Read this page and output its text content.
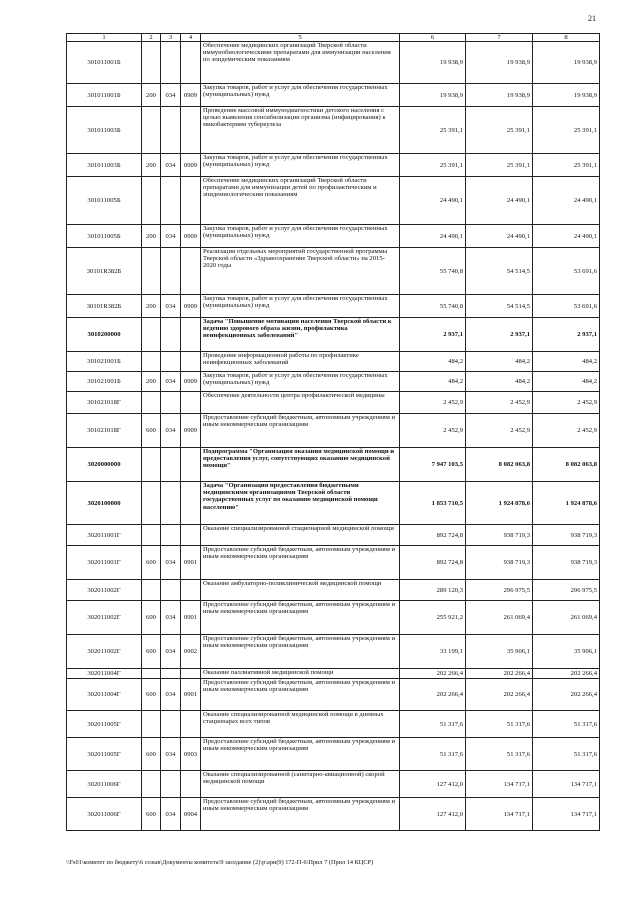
21
1	2	3	4	5	6	7	8
301011001Б				Обеспечение медицинских организаций Тверской области иммунобиологическими препаратами для иммунизации населения по эпидемическим показаниям	19 938,9	19 938,9	19 938,9
301011001Б	200	034	0909	Закупка товаров, работ и услуг для обеспечения государственных (муниципальных) нужд	19 938,9	19 938,9	19 938,9
301011003Б				Проведение массовой иммунодиагностики детского населения с целью выявления сенсибилизации организма (инфицирования) к микобактериям туберкулеза	25 391,1	25 391,1	25 391,1
301011003Б	200	034	0909	Закупка товаров, работ и услуг для обеспечения государственных (муниципальных) нужд	25 391,1	25 391,1	25 391,1
301011005Б				Обеспечение медицинских организаций Тверской области препаратами для иммунизации детей по профилактическим и эпидемиологическим показаниям	24 490,1	24 490,1	24 490,1
301011005Б	200	034	0909	Закупка товаров, работ и услуг для обеспечения государственных (муниципальных) нужд	24 490,1	24 490,1	24 490,1
30101R382Б				Реализация отдельных мероприятий государственной программы Тверской области «Здравоохранение Тверской области» на 2015-2020 годы	55 740,8	54 514,5	53 691,6
30101R382Б	200	034	0909	Закупка товаров, работ и услуг для обеспечения государственных (муниципальных) нужд	55 740,8	54 514,5	53 691,6
3010200000				Задача "Повышение мотивации населения Тверской области к ведению здорового образа жизни, профилактика неинфекционных заболеваний"	2 937,1	2 937,1	2 937,1
301021001Б				Проведение информационной работы по профилактике неинфекционных заболеваний	484,2	484,2	484,2
301021001Б	200	034	0909	Закупка товаров, работ и услуг для обеспечения государственных (муниципальных) нужд	484,2	484,2	484,2
301021018Г				Обеспечение деятельности центра профилактической медицины	2 452,9	2 452,9	2 452,9
301021018Г	600	034	0909	Предоставление субсидий бюджетным, автономным учреждениям и иным некоммерческим организациям	2 452,9	2 452,9	2 452,9
3020000000				Подпрограмма "Организация оказания медицинской помощи и предоставления услуг, сопутствующих оказанию медицинской помощи"	7 947 103,5	8 082 063,8	8 082 063,8
3020100000				Задача "Организация предоставления бюджетными медицинскими организациями Тверской области государственных услуг по оказанию медицинской помощи населению"	1 853 710,5	1 924 878,6	1 924 878,6
302011001Г				Оказание специализированной стационарной медицинской помощи	892 724,8	938 719,3	938 719,3
302011001Г	600	034	0901	Предоставление субсидий бюджетным, автономным учреждениям и иным некоммерческим организациям	892 724,8	938 719,3	938 719,3
302011002Г				Оказание амбулаторно-поликлинической медицинской помощи	289 120,3	296 975,5	296 975,5
302011002Г	600	034	0901	Предоставление субсидий бюджетным, автономным учреждениям и иным некоммерческим организациям	255 921,2	261 069,4	261 069,4
302011002Г	600	034	0902	Предоставление субсидий бюджетным, автономным учреждениям и иным некоммерческим организациям	33 199,1	35 906,1	35 906,1
302011004Г				Оказание паллиативной медицинской помощи	202 266,4	202 266,4	202 266,4
302011004Г	600	034	0901	Предоставление субсидий бюджетным, автономным учреждениям и иным некоммерческим организациям	202 266,4	202 266,4	202 266,4
302011005Г				Оказание специализированной медицинской помощи в дневных стационарах всех типов	51 317,6	51 317,6	51 317,6
302011005Г	600	034	0903	Предоставление субсидий бюджетным, автономным учреждениям и иным некоммерческим организациям	51 317,6	51 317,6	51 317,6
302011006Г				Оказание специализированной (санитарно-авиационной) скорой медицинской помощи	127 412,0	134 717,1	134 717,1
302011006Г	600	034	0904	Предоставление субсидий бюджетным, автономным учреждениям и иным некоммерческим организациям	127 412,0	134 717,1	134 717,1
\\Fs01\комитет по бюджету\6 созыв\Документы комитета\9 заседание (2)\р\ари(9) 172-П-6\Прил 7 (Прил 14 КЦСР)
